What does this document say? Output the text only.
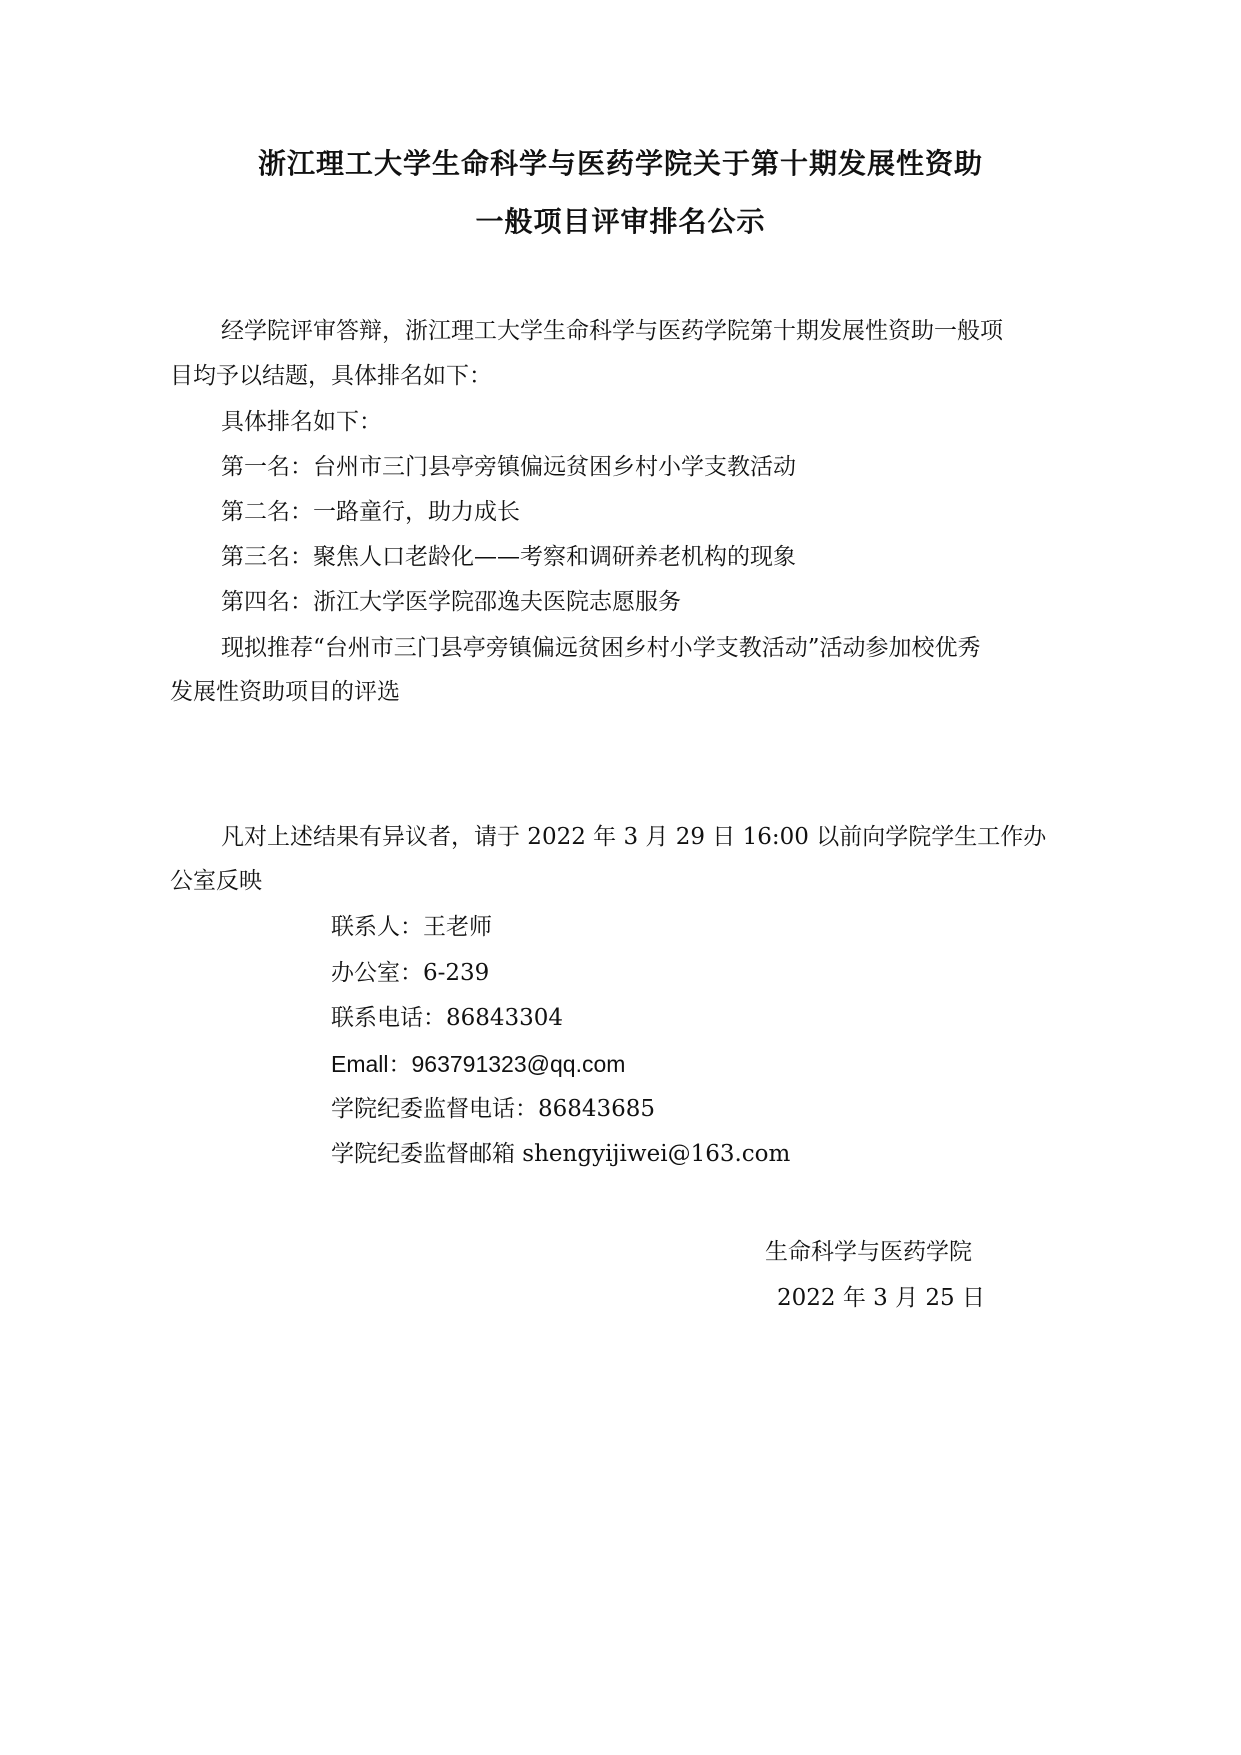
浙江理工大学生命科学与医药学院关于第十期发展性资助
一般项目评审排名公示

经学院评审答辩，浙江理工大学生命科学与医药学院第十期发展性资助一般项

目均予以结题，具体排名如下：

具体排名如下：

第一名：台州市三门县亭旁镇偏远贫困乡村小学支教活动

第二名：一路童行，助力成长

第三名：聚焦人口老龄化——考察和调研养老机构的现象

第四名：浙江大学医学院邵逸夫医院志愿服务

现拟推荐“台州市三门县亭旁镇偏远贫困乡村小学支教活动”活动参加校优秀

发展性资助项目的评选

凡对上述结果有异议者，请于 2022 年 3 月 29 日 16:00 以前向学院学生工作办

公室反映

联系人：王老师

办公室：6-239

联系电话：86843304

Emall：963791323@qq.com

学院纪委监督电话：86843685

学院纪委监督邮箱 shengyijiwei@163.com

生命科学与医药学院

2022 年 3 月 25 日
